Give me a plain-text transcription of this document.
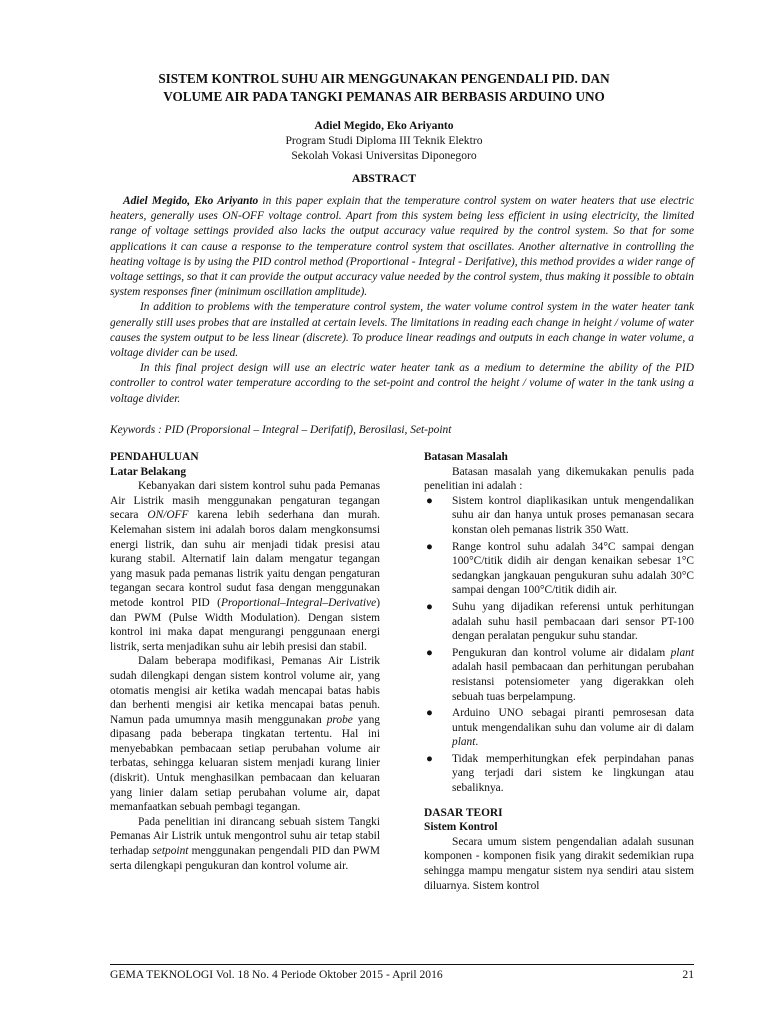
SISTEM KONTROL SUHU AIR MENGGUNAKAN PENGENDALI PID. DAN
VOLUME AIR PADA TANGKI PEMANAS AIR BERBASIS ARDUINO UNO
Adiel Megido, Eko Ariyanto
Program Studi Diploma III Teknik Elektro
Sekolah Vokasi Universitas Diponegoro
ABSTRACT

Adiel Megido, Eko Ariyanto in this paper explain that the temperature control system on water heaters that use electric heaters, generally uses ON-OFF voltage control. Apart from this system being less efficient in using electricity, the limited range of voltage settings provided also lacks the output accuracy value required by the control system. So that for some applications it can cause a response to the temperature control system that oscillates. Another alternative in controlling the heating voltage is by using the PID control method (Proportional - Integral - Derifative), this method provides a wider range of voltage settings, so that it can provide the output accuracy value needed by the control system, thus making it possible to obtain system responses finer (minimum oscillation amplitude).

In addition to problems with the temperature control system, the water volume control system in the water heater tank generally still uses probes that are installed at certain levels. The limitations in reading each change in height / volume of water causes the system output to be less linear (discrete). To produce linear readings and outputs in each change in water volume, a voltage divider can be used.

In this final project design will use an electric water heater tank as a medium to determine the ability of the PID controller to control water temperature according to the set-point and control the height / volume of water in the tank using a voltage divider.

Keywords : PID (Proporsional – Integral – Derifatif), Berosilasi, Set-point
PENDAHULUAN
Latar Belakang

Kebanyakan dari sistem kontrol suhu pada Pemanas Air Listrik masih menggunakan pengaturan tegangan secara ON/OFF karena lebih sederhana dan murah. Kelemahan sistem ini adalah boros dalam mengkonsumsi energi listrik, dan suhu air menjadi tidak presisi atau kurang stabil. Alternatif lain dalam mengatur tegangan yang masuk pada pemanas listrik yaitu dengan pengaturan tegangan secara kontrol sudut fasa dengan menggunakan metode kontrol PID (Proportional–Integral–Derivative) dan PWM (Pulse Width Modulation). Dengan sistem kontrol ini maka dapat mengurangi penggunaan energi listrik, serta menjadikan suhu air lebih presisi dan stabil.

Dalam beberapa modifikasi, Pemanas Air Listrik sudah dilengkapi dengan sistem kontrol volume air, yang otomatis mengisi air ketika wadah mencapai batas habis dan berhenti mengisi air ketika mencapai batas penuh. Namun pada umumnya masih menggunakan probe yang dipasang pada beberapa tingkatan tertentu. Hal ini menyebabkan pembacaan setiap perubahan volume air terbatas, sehingga keluaran sistem menjadi kurang linier (diskrit). Untuk menghasilkan pembacaan dan keluaran yang linier dalam setiap perubahan volume air, dapat memanfaatkan sebuah pembagi tegangan.

Pada penelitian ini dirancang sebuah sistem Tangki Pemanas Air Listrik untuk mengontrol suhu air tetap stabil terhadap setpoint menggunakan pengendali PID dan PWM serta dilengkapi pengukuran dan kontrol volume air.

Batasan Masalah

Batasan masalah yang dikemukakan penulis pada penelitian ini adalah :

● Sistem kontrol diaplikasikan untuk mengendalikan suhu air dan hanya untuk proses pemanasan secara konstan oleh pemanas listrik 350 Watt.
● Range kontrol suhu adalah 34°C sampai dengan 100°C/titik didih air dengan kenaikan sebesar 1°C sedangkan jangkauan pengukuran suhu adalah 30°C sampai dengan 100°C/titik didih air.
● Suhu yang dijadikan referensi untuk perhitungan adalah suhu hasil pembacaan dari sensor PT-100 dengan peralatan pengukur suhu standar.
● Pengukuran dan kontrol volume air didalam plant adalah hasil pembacaan dan perhitungan perubahan resistansi potensiometer yang digerakkan oleh sebuah tuas berpelampung.
● Arduino UNO sebagai piranti pemrosesan data untuk mengendalikan suhu dan volume air di dalam plant.
● Tidak memperhitungkan efek perpindahan panas yang terjadi dari sistem ke lingkungan atau sebaliknya.
DASAR TEORI
Sistem Kontrol

Secara umum sistem pengendalian adalah susunan komponen - komponen fisik yang dirakit sedemikian rupa sehingga mampu mengatur sistem nya sendiri atau sistem diluarnya. Sistem kontrol

GEMA TEKNOLOGI Vol. 18 No. 4 Periode Oktober 2015 - April 2016	21
